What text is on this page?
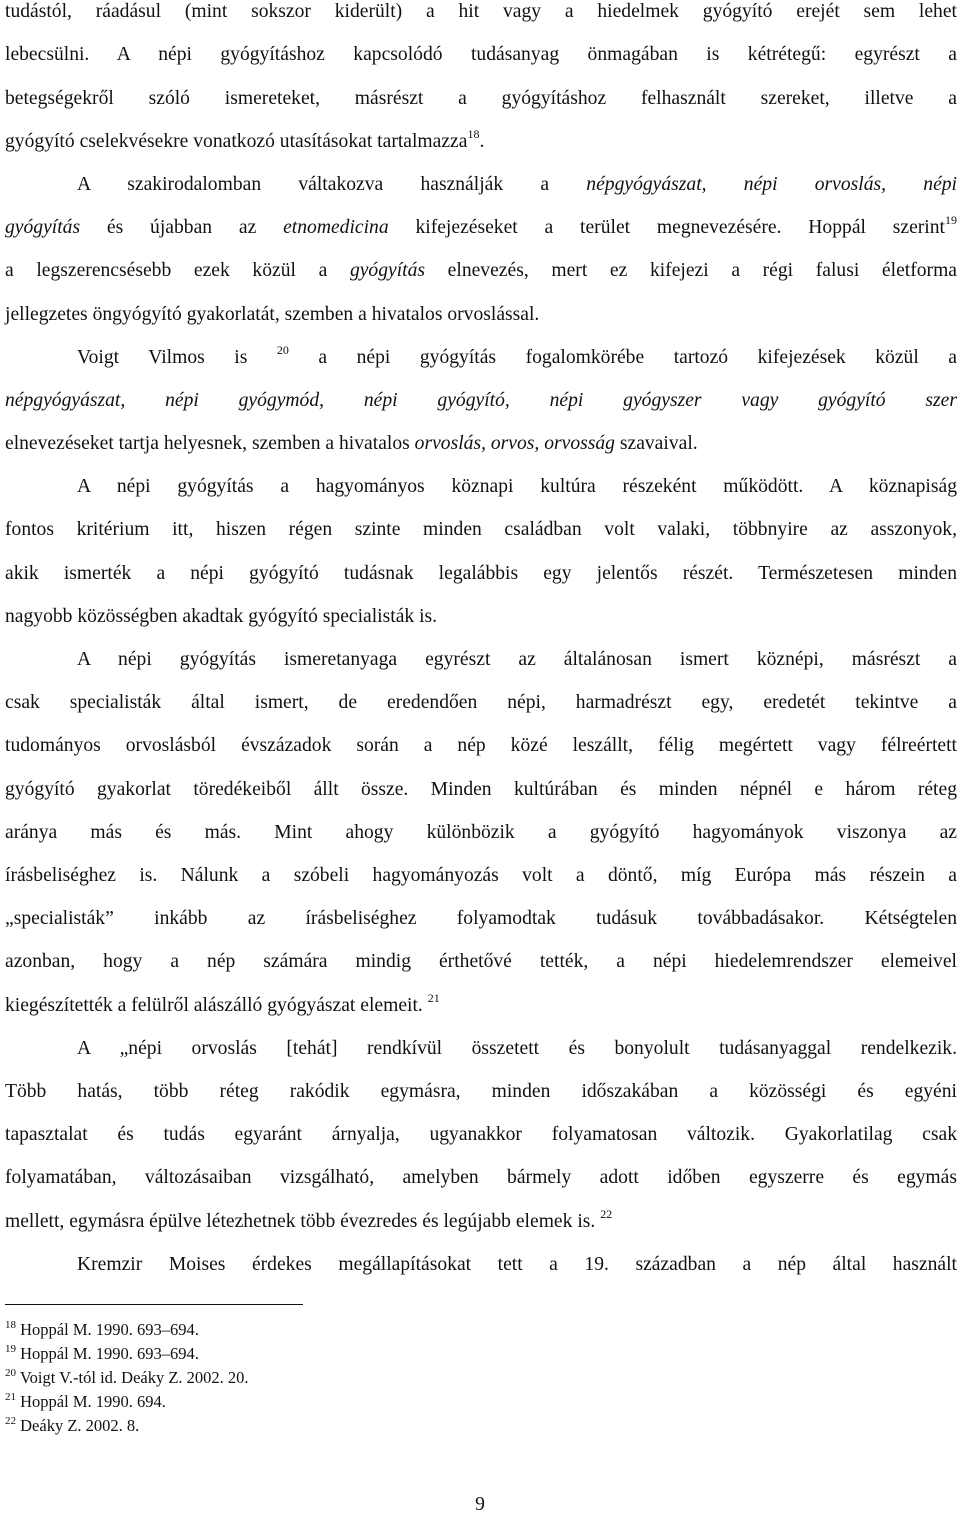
tudástól, ráadásul (mint sokszor kiderült) a hit vagy a hiedelmek gyógyító erejét sem lehet
lebecsülni. A népi gyógyításhoz kapcsolódó tudásanyag önmagában is kétrétegű: egyrészt a
betegségekről szóló ismereteket, másrészt a gyógyításhoz felhasznált szereket, illetve a
gyógyító cselekvésekre vonatkozó utasításokat tartalmazza$^{18}$.
A szakirodalomban váltakozva használják a népgyógyászat, népi orvoslás, népi
gyógyítás és újabban az etnomedicina kifejezéseket a terület megnevezésére. Hoppál szerint$^{19}$
a legszerencsésebb ezek közül a gyógyítás elnevezés, mert ez kifejezi a régi falusi életforma
jellegzetes öngyógyító gyakorlatát, szemben a hivatalos orvoslással.
Voigt Vilmos is $^{20}$ a népi gyógyítás fogalomkörébe tartozó kifejezések közül a
népgyógyászat, népi gyógymód, népi gyógyító, népi gyógyszer vagy gyógyító szer
elnevezéseket tartja helyesnek, szemben a hivatalos orvoslás, orvos, orvosság szavaival.
A népi gyógyítás a hagyományos köznapi kultúra részeként működött. A köznapiság
fontos kritérium itt, hiszen régen szinte minden családban volt valaki, többnyire az asszonyok,
akik ismerték a népi gyógyító tudásnak legalábbis egy jelentős részét. Természetesen minden
nagyobb közösségben akadtak gyógyító specialisták is.
A népi gyógyítás ismeretanyaga egyrészt az általánosan ismert köznépi, másrészt a
csak specialisták által ismert, de eredendően népi, harmadrészt egy, eredetét tekintve a
tudományos orvoslásból évszázadok során a nép közé leszállt, félig megértett vagy félreértett
gyógyító gyakorlat töredékeiből állt össze. Minden kultúrában és minden népnél e három réteg
aránya más és más. Mint ahogy különbözik a gyógyító hagyományok viszonya az
írásbeliséghez is. Nálunk a szóbeli hagyományozás volt a döntő, míg Európa más részein a
„specialisták” inkább az írásbeliséghez folyamodtak tudásuk továbbadásakor. Kétségtelen
azonban, hogy a nép számára mindig érthetővé tették, a népi hiedelemrendszer elemeivel
kiegészítették a felülről alászálló gyógyászat elemeit. $^{21}$
A „népi orvoslás [tehát] rendkívül összetett és bonyolult tudásanyaggal rendelkezik.
Több hatás, több réteg rakódik egymásra, minden időszakában a közösségi és egyéni
tapasztalat és tudás egyaránt árnyalja, ugyanakkor folyamatosan változik. Gyakorlatilag csak
folyamatában, változásaiban vizsgálható, amelyben bármely adott időben egyszerre és egymás
mellett, egymásra épülve létezhetnek több évezredes és legújabb elemek is. $^{22}$
Kremzir Moises érdekes megállapításokat tett a 19. században a nép által használt
$^{18}$ Hoppál M. 1990. 693–694.
$^{19}$ Hoppál M. 1990. 693–694.
$^{20}$ Voigt V.-tól id. Deáky Z. 2002. 20.
$^{21}$ Hoppál M. 1990. 694.
$^{22}$ Deáky Z. 2002. 8.
9
